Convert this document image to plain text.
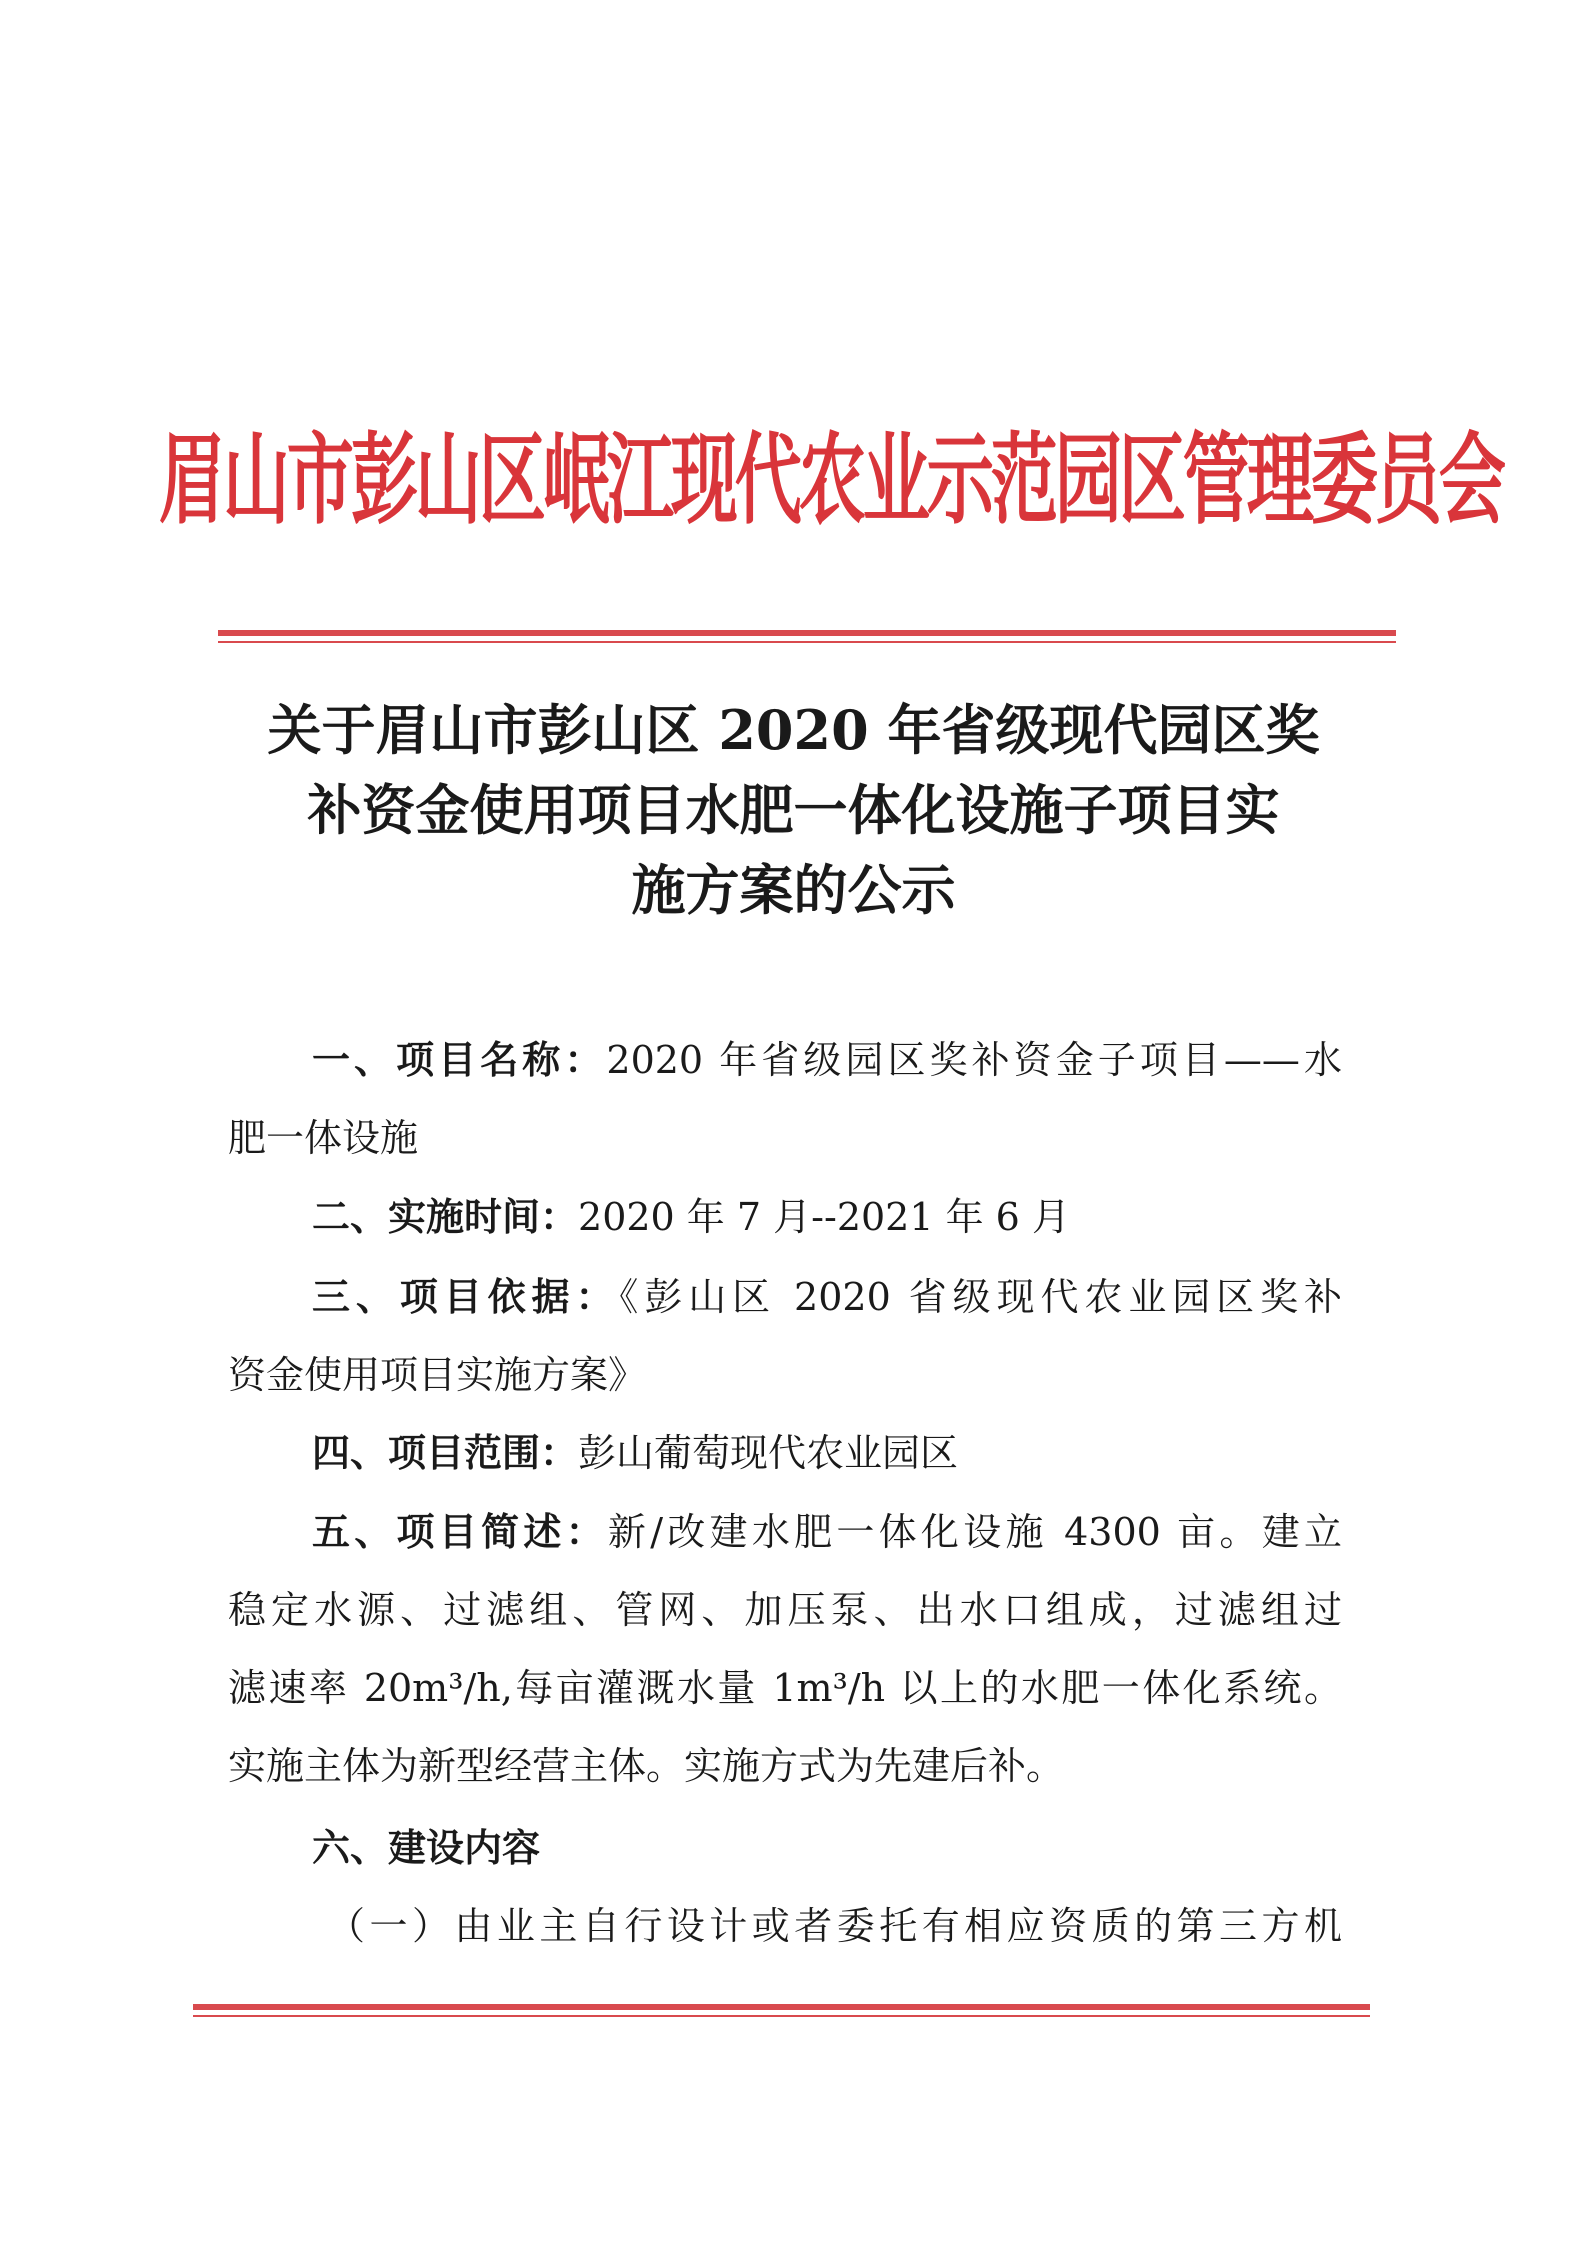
眉山市彭山区岷江现代农业示范园区管理委员会
关于眉山市彭山区 2020 年省级现代园区奖
补资金使用项目水肥一体化设施子项目实
施方案的公示
一、项目名称：2020 年省级园区奖补资金子项目——水
肥一体设施
二、实施时间：2020 年 7 月--2021 年 6 月
三、项目依据：《彭山区 2020 省级现代农业园区奖补
资金使用项目实施方案》
四、项目范围：彭山葡萄现代农业园区
五、项目简述：新/改建水肥一体化设施 4300 亩。建立
稳定水源、过滤组、管网、加压泵、出水口组成，过滤组过
滤速率 20m³/h,每亩灌溉水量 1m³/h 以上的水肥一体化系统。
实施主体为新型经营主体。实施方式为先建后补。
六、建设内容
（一）由业主自行设计或者委托有相应资质的第三方机
